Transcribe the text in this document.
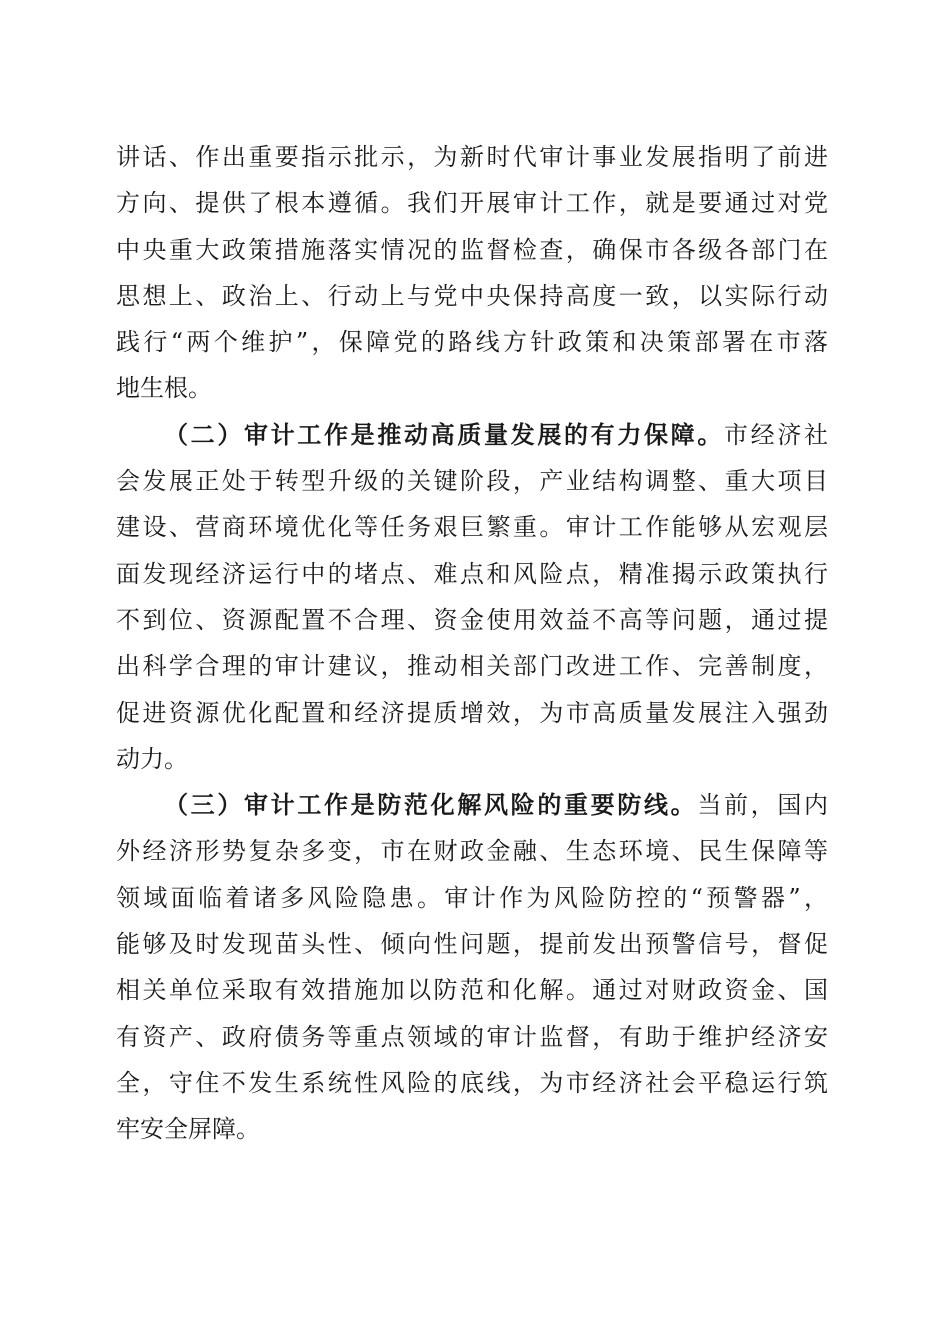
讲话、作出重要指示批示，为新时代审计事业发展指明了前进
方向、提供了根本遵循。我们开展审计工作，就是要通过对党
中央重大政策措施落实情况的监督检查，确保市各级各部门在
思想上、政治上、行动上与党中央保持高度一致，以实际行动
践行“两个维护”，保障党的路线方针政策和决策部署在市落
地生根。
（二）审计工作是推动高质量发展的有力保障。市经济社
会发展正处于转型升级的关键阶段，产业结构调整、重大项目
建设、营商环境优化等任务艰巨繁重。审计工作能够从宏观层
面发现经济运行中的堵点、难点和风险点，精准揭示政策执行
不到位、资源配置不合理、资金使用效益不高等问题，通过提
出科学合理的审计建议，推动相关部门改进工作、完善制度，
促进资源优化配置和经济提质增效，为市高质量发展注入强劲
动力。
（三）审计工作是防范化解风险的重要防线。当前，国内
外经济形势复杂多变，市在财政金融、生态环境、民生保障等
领域面临着诸多风险隐患。审计作为风险防控的“预警器”，
能够及时发现苗头性、倾向性问题，提前发出预警信号，督促
相关单位采取有效措施加以防范和化解。通过对财政资金、国
有资产、政府债务等重点领域的审计监督，有助于维护经济安
全，守住不发生系统性风险的底线，为市经济社会平稳运行筑
牢安全屏障。
